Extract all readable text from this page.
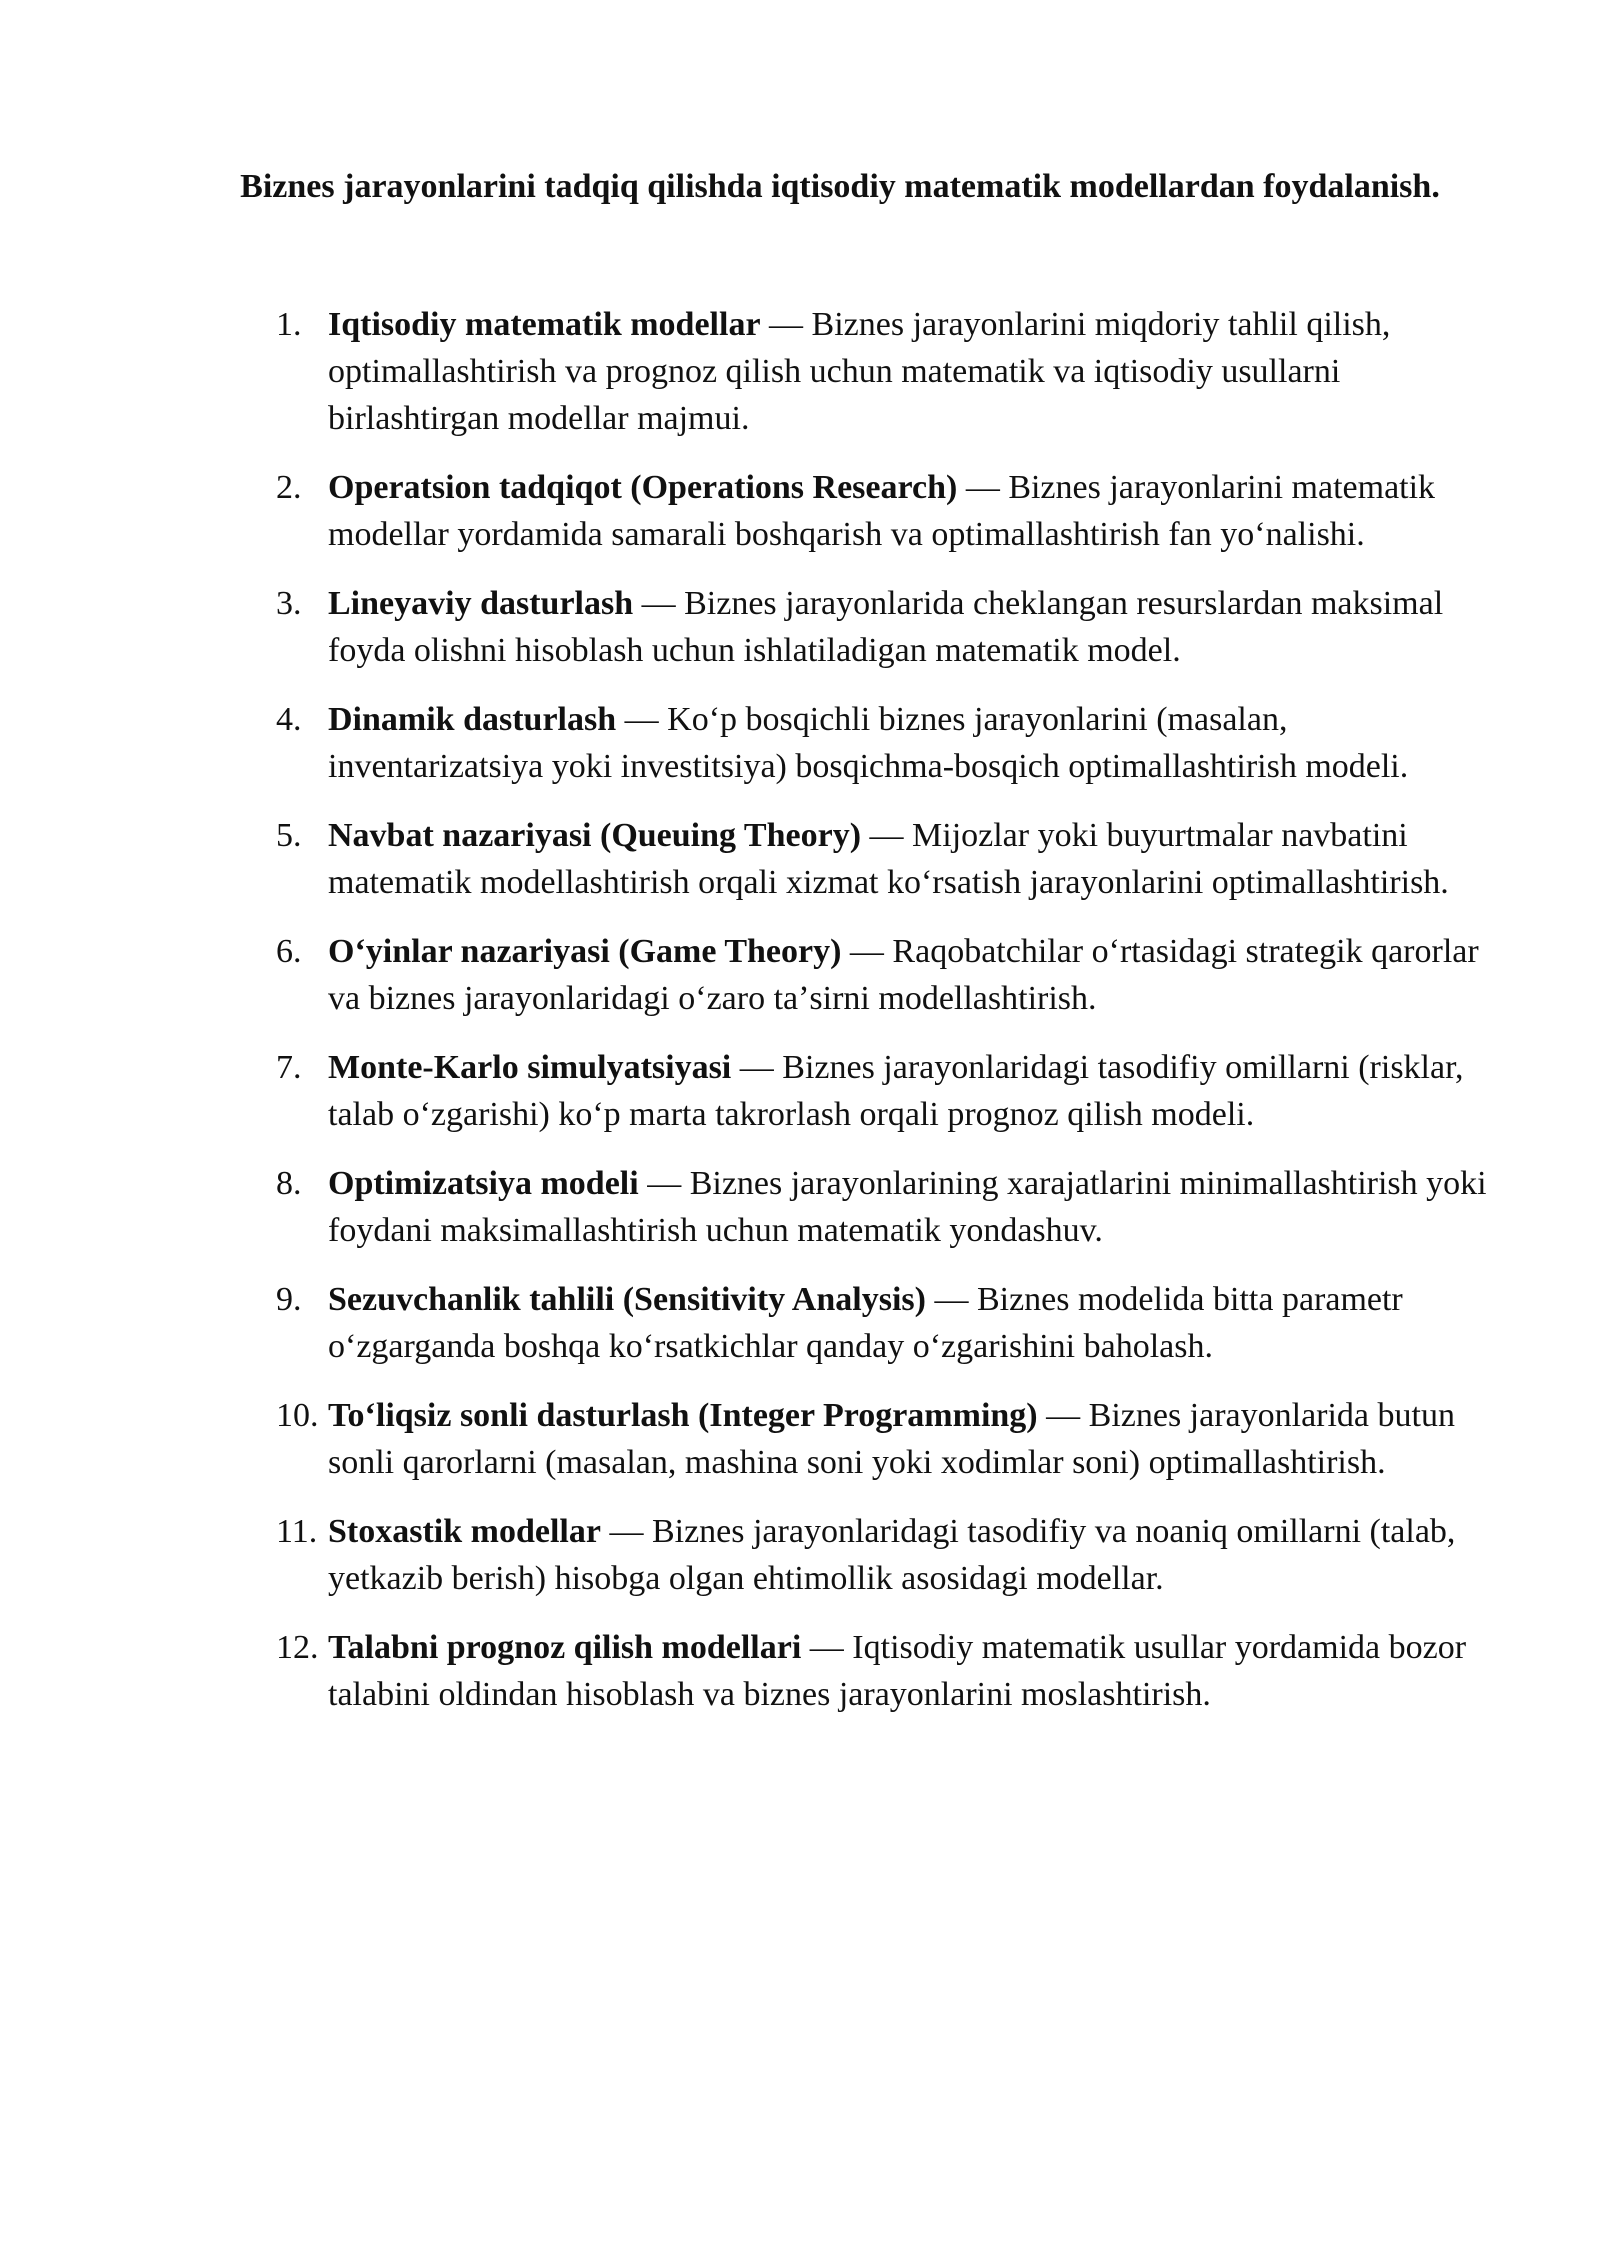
Biznes jarayonlarini tadqiq qilishda iqtisodiy matematik modellardan foydalanish.
1. Iqtisodiy matematik modellar — Biznes jarayonlarini miqdoriy tahlil qilish, optimallashtirish va prognoz qilish uchun matematik va iqtisodiy usullarni birlashtirgan modellar majmui.
2. Operatsion tadqiqot (Operations Research) — Biznes jarayonlarini matematik modellar yordamida samarali boshqarish va optimallashtirish fan yoʻnalishi.
3. Lineyaviy dasturlash — Biznes jarayonlarida cheklangan resurslardan maksimal foyda olishni hisoblash uchun ishlatiladigan matematik model.
4. Dinamik dasturlash — Koʻp bosqichli biznes jarayonlarini (masalan, inventarizatsiya yoki investitsiya) bosqichma-bosqich optimallashtirish modeli.
5. Navbat nazariyasi (Queuing Theory) — Mijozlar yoki buyurtmalar navbatini matematik modellashtirish orqali xizmat koʻrsatish jarayonlarini optimallashtirish.
6. Oʻyinlar nazariyasi (Game Theory) — Raqobatchilar oʻrtasidagi strategik qarorlar va biznes jarayonlaridagi oʻzaro taʼsirni modellashtirish.
7. Monte-Karlo simulyatsiyasi — Biznes jarayonlaridagi tasodifiy omillarni (risklar, talab oʻzgarishi) koʻp marta takrorlash orqali prognoz qilish modeli.
8. Optimizatsiya modeli — Biznes jarayonlarining xarajatlarini minimallashtirish yoki foydani maksimallashtirish uchun matematik yondashuv.
9. Sezuvchanlik tahlili (Sensitivity Analysis) — Biznes modelida bitta parametr oʻzgarganda boshqa koʻrsatkichlar qanday oʻzgarishini baholash.
10. Toʻliqsiz sonli dasturlash (Integer Programming) — Biznes jarayonlarida butun sonli qarorlarni (masalan, mashina soni yoki xodimlar soni) optimallashtirish.
11. Stoxastik modellar — Biznes jarayonlaridagi tasodifiy va noaniq omillarni (talab, yetkazib berish) hisobga olgan ehtimollik asosidagi modellar.
12. Talabni prognoz qilish modellari — Iqtisodiy matematik usullar yordamida bozor talabini oldindan hisoblash va biznes jarayonlarini moslashtirish.
